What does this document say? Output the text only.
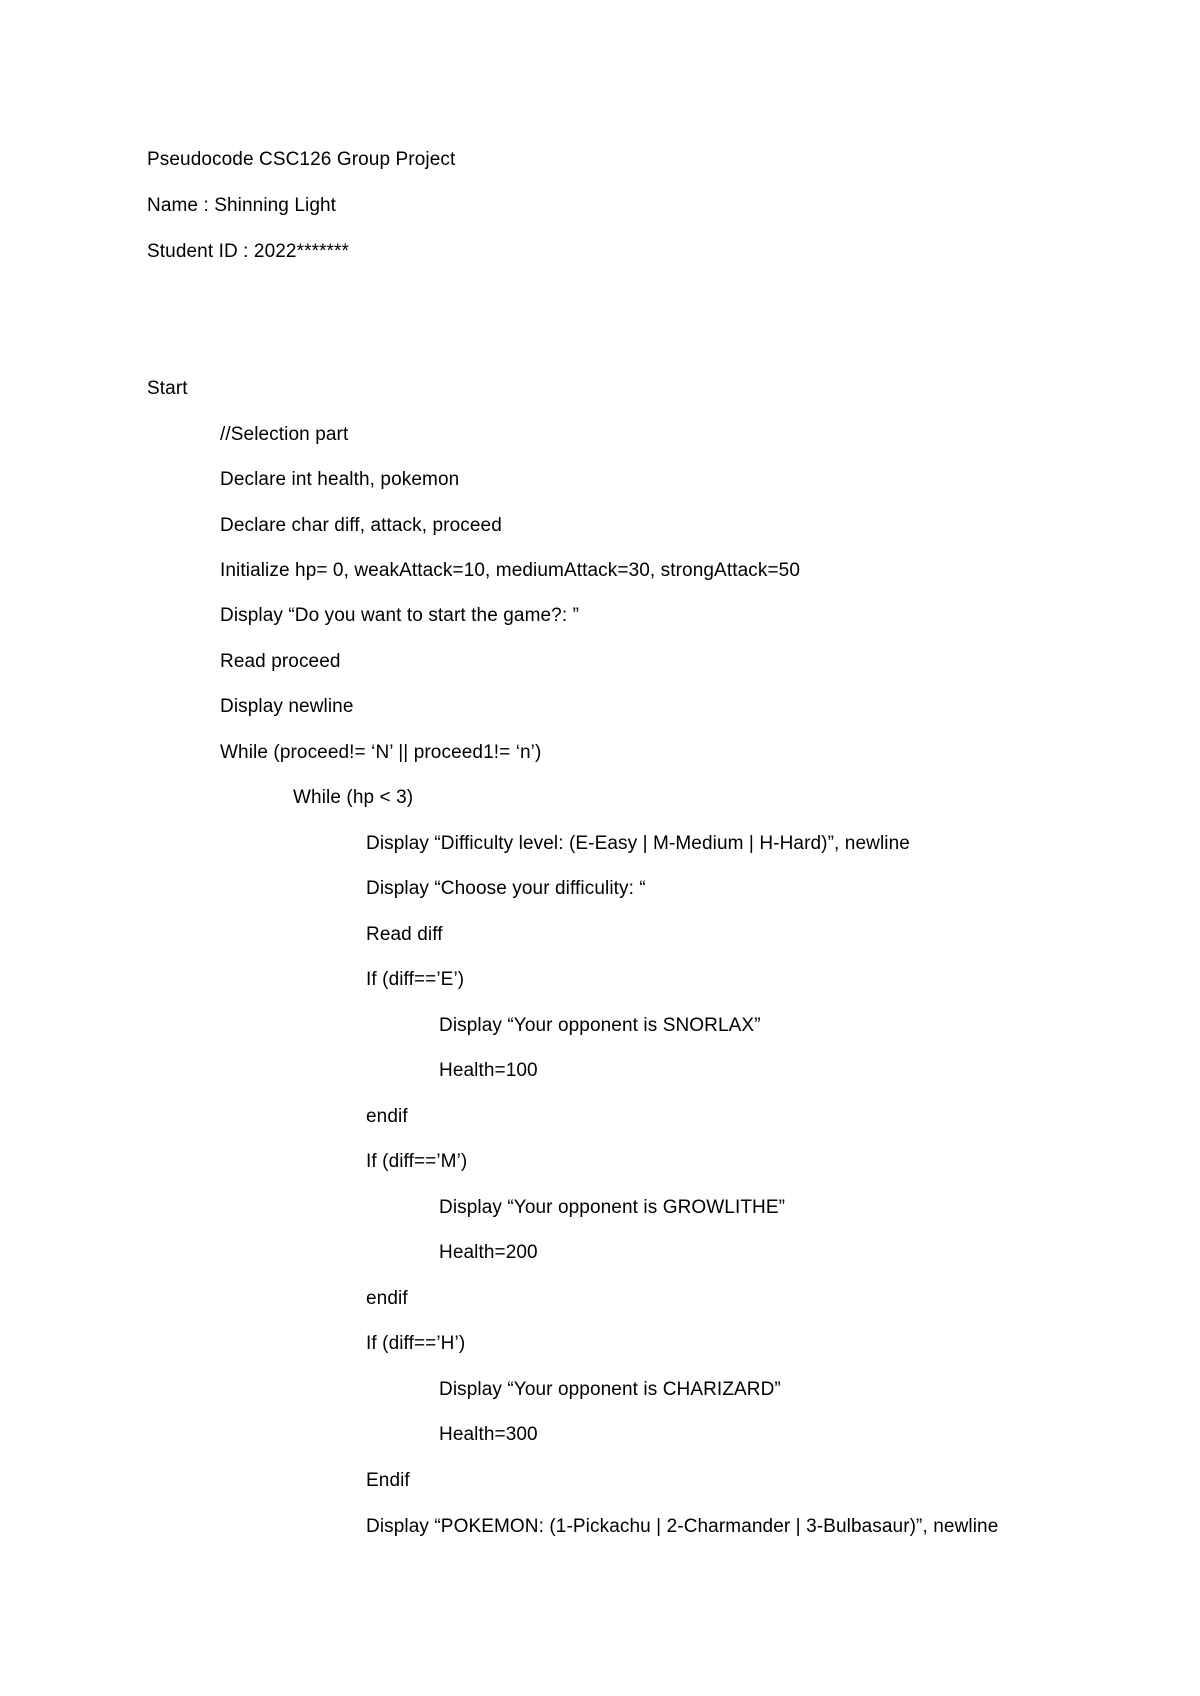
Pseudocode CSC126 Group Project
Name : Shinning Light
Student ID : 2022*******
Start
//Selection part
Declare int health, pokemon
Declare char diff, attack, proceed
Initialize hp= 0, weakAttack=10, mediumAttack=30, strongAttack=50
Display “Do you want to start the game?: ”
Read proceed
Display newline
While (proceed!= ‘N’ || proceed1!= ‘n’)
While (hp < 3)
Display “Difficulty level: (E-Easy | M-Medium | H-Hard)”, newline
Display “Choose your difficulity: “
Read diff
If (diff==’E’)
Display “Your opponent is SNORLAX”
Health=100
endif
If (diff==’M’)
Display “Your opponent is GROWLITHE”
Health=200
endif
If (diff==’H’)
Display “Your opponent is CHARIZARD”
Health=300
Endif
Display “POKEMON: (1-Pickachu | 2-Charmander | 3-Bulbasaur)”, newline
